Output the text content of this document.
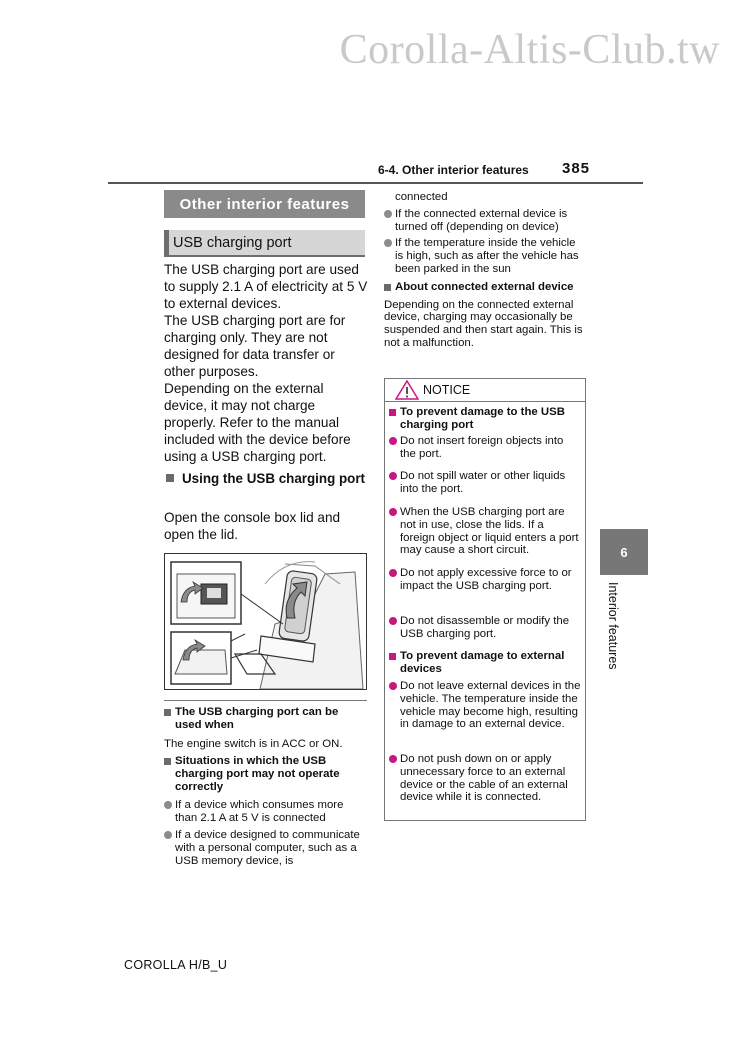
Corolla-Altis-Club.tw
6-4. Other interior features 385
Other interior features
USB charging port

The USB charging port are used to supply 2.1 A of electricity at 5 V to external devices.

The USB charging port are for charging only. They are not designed for data transfer or other purposes.

Depending on the external device, it may not charge properly. Refer to the manual included with the device before using a USB charging port.

Using the USB charging port
Open the console box lid and open the lid.
The USB charging port can be used when
The engine switch is in ACC or ON.
Situations in which the USB charging port may not operate correctly
If a device which consumes more than 2.1 A at 5 V is connected
If a device designed to communicate with a personal computer, such as a USB memory device, is
connected
If the connected external device is turned off (depending on device)
If the temperature inside the vehicle is high, such as after the vehicle has been parked in the sun
About connected external device
Depending on the connected external device, charging may occasionally be suspended and then start again. This is not a malfunction.
NOTICE
To prevent damage to the USB charging port
Do not insert foreign objects into the port.
Do not spill water or other liquids into the port.
When the USB charging port are not in use, close the lids. If a foreign object or liquid enters a port may cause a short circuit.
Do not apply excessive force to or impact the USB charging port.
Do not disassemble or modify the USB charging port.
To prevent damage to external devices
Do not leave external devices in the vehicle. The temperature inside the vehicle may become high, resulting in damage to an external device.
Do not push down on or apply unnecessary force to an external device or the cable of an external device while it is connected.
6
Interior features
COROLLA H/B_U
